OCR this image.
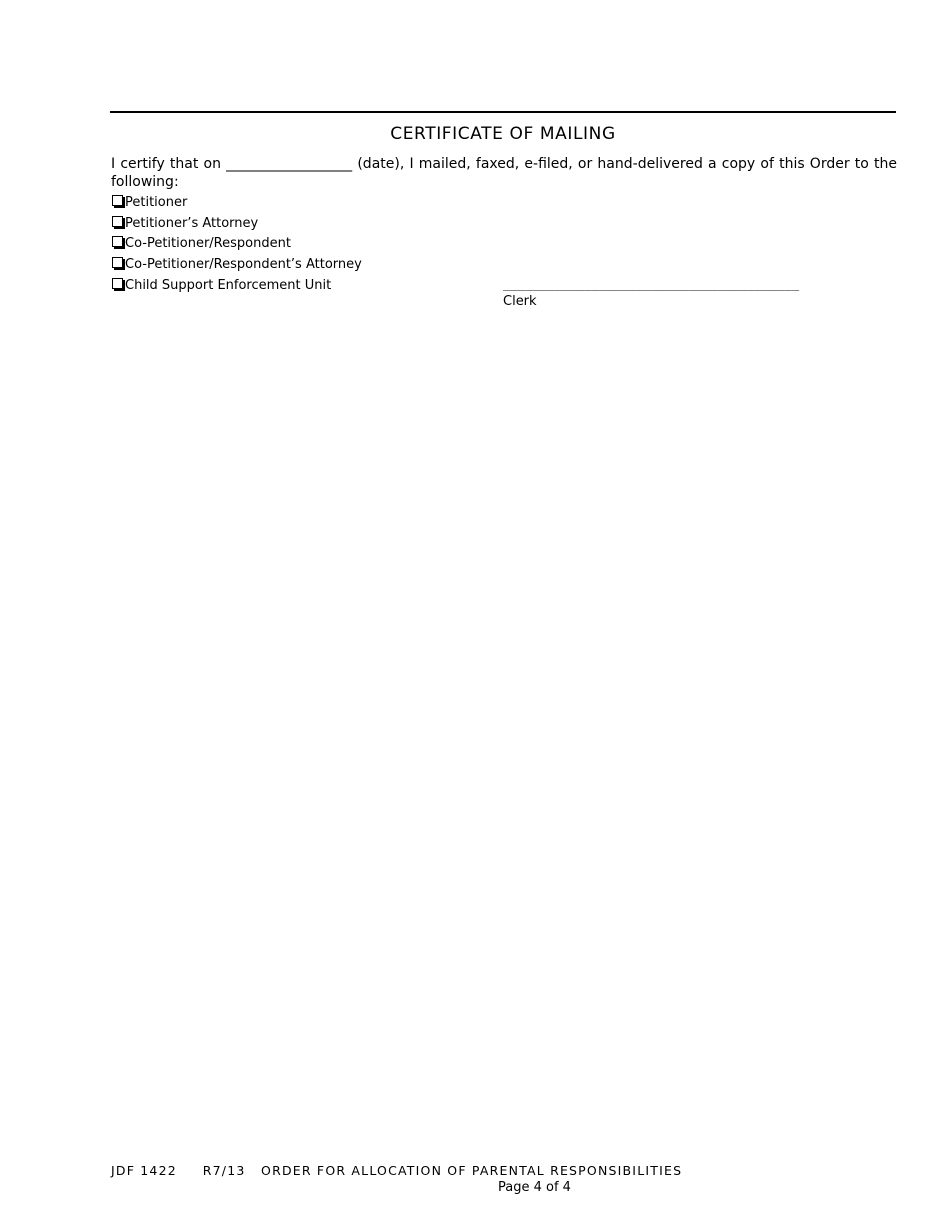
CERTIFICATE OF MAILING
I certify that on __________________ (date), I mailed, faxed, e-filed, or hand-delivered a copy of this Order to the following:
Petitioner
Petitioner’s Attorney
Co-Petitioner/Respondent
Co-Petitioner/Respondent’s Attorney
Child Support Enforcement Unit	________________________________________
Clerk
JDF 1422     R7/13   ORDER FOR ALLOCATION OF PARENTAL RESPONSIBILITIES
Page 4 of 4
